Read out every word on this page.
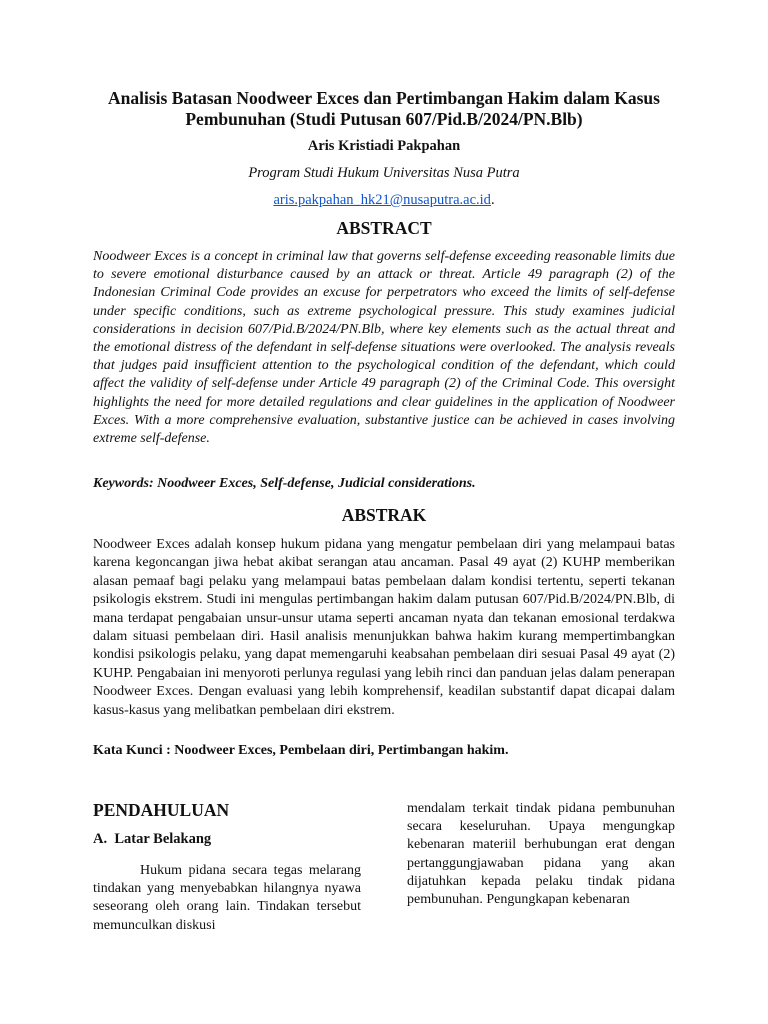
Analisis Batasan Noodweer Exces dan Pertimbangan Hakim dalam Kasus Pembunuhan (Studi Putusan 607/Pid.B/2024/PN.Blb)
Aris Kristiadi Pakpahan
Program Studi Hukum Universitas Nusa Putra
aris.pakpahan_hk21@nusaputra.ac.id.
ABSTRACT

Noodweer Exces is a concept in criminal law that governs self-defense exceeding reasonable limits due to severe emotional disturbance caused by an attack or threat. Article 49 paragraph (2) of the Indonesian Criminal Code provides an excuse for perpetrators who exceed the limits of self-defense under specific conditions, such as extreme psychological pressure. This study examines judicial considerations in decision 607/Pid.B/2024/PN.Blb, where key elements such as the actual threat and the emotional distress of the defendant in self-defense situations were overlooked. The analysis reveals that judges paid insufficient attention to the psychological condition of the defendant, which could affect the validity of self-defense under Article 49 paragraph (2) of the Criminal Code. This oversight highlights the need for more detailed regulations and clear guidelines in the application of Noodweer Exces. With a more comprehensive evaluation, substantive justice can be achieved in cases involving extreme self-defense.

Keywords: Noodweer Exces, Self-defense, Judicial considerations.
ABSTRAK

Noodweer Exces adalah konsep hukum pidana yang mengatur pembelaan diri yang melampaui batas karena kegoncangan jiwa hebat akibat serangan atau ancaman. Pasal 49 ayat (2) KUHP memberikan alasan pemaaf bagi pelaku yang melampaui batas pembelaan dalam kondisi tertentu, seperti tekanan psikologis ekstrem. Studi ini mengulas pertimbangan hakim dalam putusan 607/Pid.B/2024/PN.Blb, di mana terdapat pengabaian unsur-unsur utama seperti ancaman nyata dan tekanan emosional terdakwa dalam situasi pembelaan diri. Hasil analisis menunjukkan bahwa hakim kurang mempertimbangkan kondisi psikologis pelaku, yang dapat memengaruhi keabsahan pembelaan diri sesuai Pasal 49 ayat (2) KUHP. Pengabaian ini menyoroti perlunya regulasi yang lebih rinci dan panduan jelas dalam penerapan Noodweer Exces. Dengan evaluasi yang lebih komprehensif, keadilan substantif dapat dicapai dalam kasus-kasus yang melibatkan pembelaan diri ekstrem.

Kata Kunci : Noodweer Exces, Pembelaan diri, Pertimbangan hakim.
PENDAHULUAN
A.  Latar Belakang

Hukum pidana secara tegas melarang tindakan yang menyebabkan hilangnya nyawa seseorang oleh orang lain. Tindakan tersebut memunculkan diskusi

mendalam terkait tindak pidana pembunuhan secara keseluruhan. Upaya mengungkap kebenaran materiil berhubungan erat dengan pertanggungjawaban pidana yang akan dijatuhkan kepada pelaku tindak pidana pembunuhan. Pengungkapan kebenaran
